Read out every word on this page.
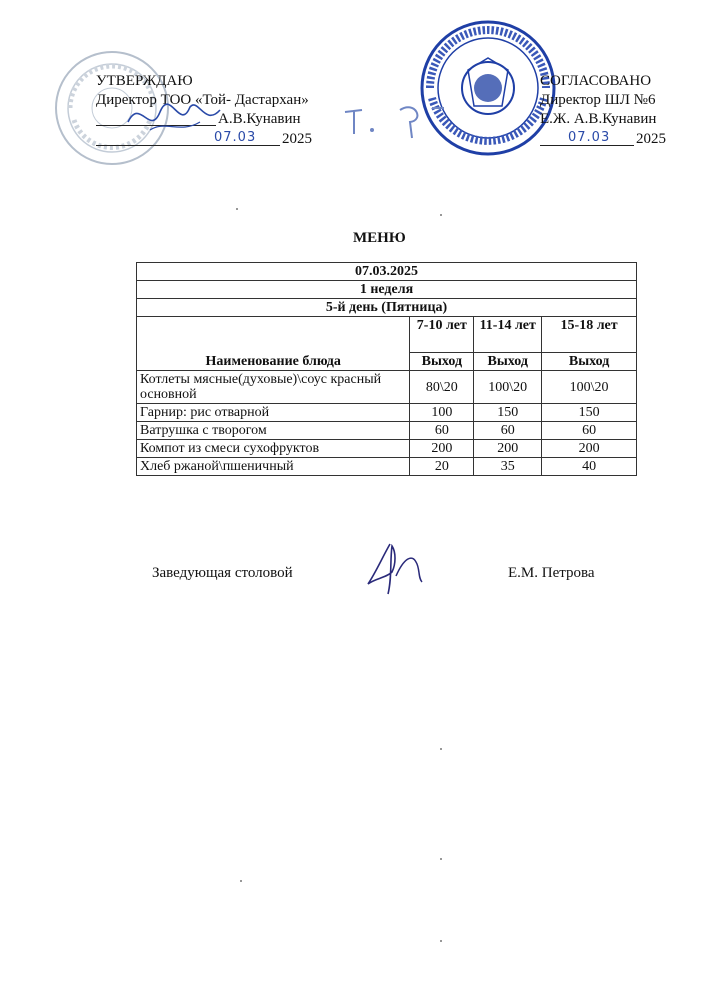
УТВЕРЖДАЮ
Директор ТОО «Той- Дастархан»
А.В.Кунавин
07.03 2025
СОГЛАСОВАНО
Директор ШЛ №6
Е.Ж. А.В.Кунавин
07.03 2025
МЕНЮ
07.03.2025			
1 неделя			
5-й день (Пятница)			
	7-10 лет	11-14 лет	15-18 лет
Наименование блюда	Выход	Выход	Выход
Котлеты мясные(духовые)\соус красный основной	80\20	100\20	100\20
Гарнир: рис отварной	100	150	150
Ватрушка с творогом	60	60	60
Компот из смеси сухофруктов	200	200	200
Хлеб ржаной\пшеничный	20	35	40
Заведующая столовой	Е.М. Петрова
